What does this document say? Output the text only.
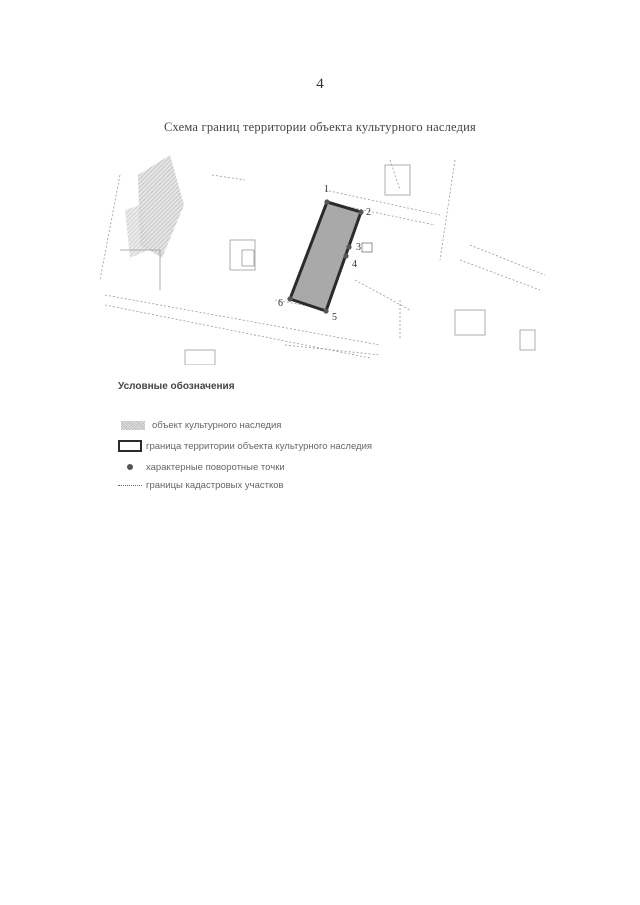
4
Схема границ территории объекта культурного наследия
1
2
3
4
5
6
Условные обозначения
объект культурного наследия
граница территории объекта культурного наследия
характерные поворотные точки
границы кадастровых участков
